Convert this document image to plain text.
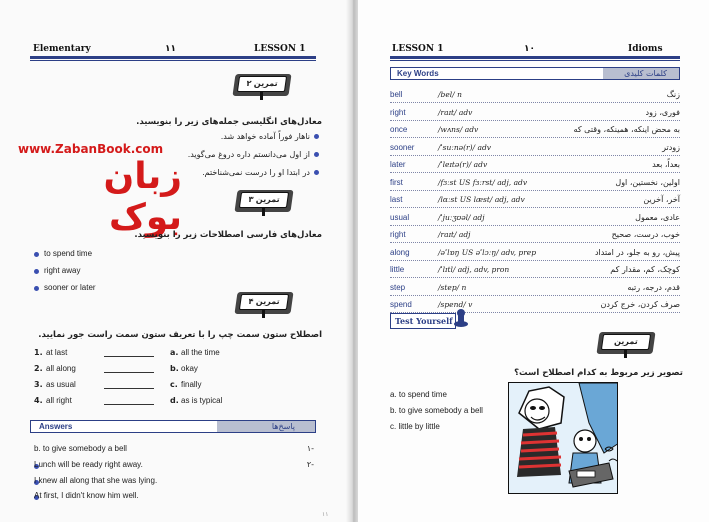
Elementary	۱۱	LESSON 1
تمرین ۲
معادل‌های انگلیسی جمله‌های زیر را بنویسید.
ناهار فوراً آماده خواهد شد.
از اول می‌دانستم داره دروغ می‌گوید.
در ابتدا او را درست نمی‌شناختم.
www.ZabanBook.com
زبان بوک	تمرین ۳
معادل‌های فارسی اصطلاحات زیر را بنویسید.
to spend time
right away
sooner or later
تمرین ۴
اصطلاح ستون سمت چپ را با تعریف ستون سمت راست جور نمایید.
1. at last	a. all the time
2. all along	b. okay
3. as usual	c. finally
4. all right	d. as is typical
Answers	پاسخ‌ها
b. to give somebody a bell	-۱
Lunch will be ready right away.	-۲
I knew all along that she was lying.
At first, I didn't know him well.
LESSON 1	۱۰	Idioms
Key Words	کلمات کلیدی
bell	/bel/ n	زنگ
right	/raɪt/ adv	فوری، زود
once	/wʌns/ adv	به محض اینکه، همینکه، وقتی که
sooner	/ˈsuːnə(r)/ adv	زودتر
later	/ˈleɪtə(r)/ adv	بعداً، بعد
first	/fɜːst US fɜːrst/ adj, adv	اولین، نخستین، اول
last	/lɑːst US læst/ adj, adv	آخر، آخرین
usual	/ˈjuːʒʊəl/ adj	عادی، معمول
right	/raɪt/ adj	خوب، درست، صحیح
along	/əˈlɒŋ US əˈlɔːŋ/ adv, prep	پیش، رو به جلو، در امتداد
little	/ˈlɪtl/ adj, adv, pron	کوچک، کم، مقدار کم
step	/step/ n	قدم، درجه، رتبه
spend	/spend/ v	صرف کردن، خرج کردن
Test Yourself
تمرین
تصویر زیر مربوط به کدام اصطلاح است؟
a. to spend time
b. to give somebody a bell
c. little by little
۱۱
